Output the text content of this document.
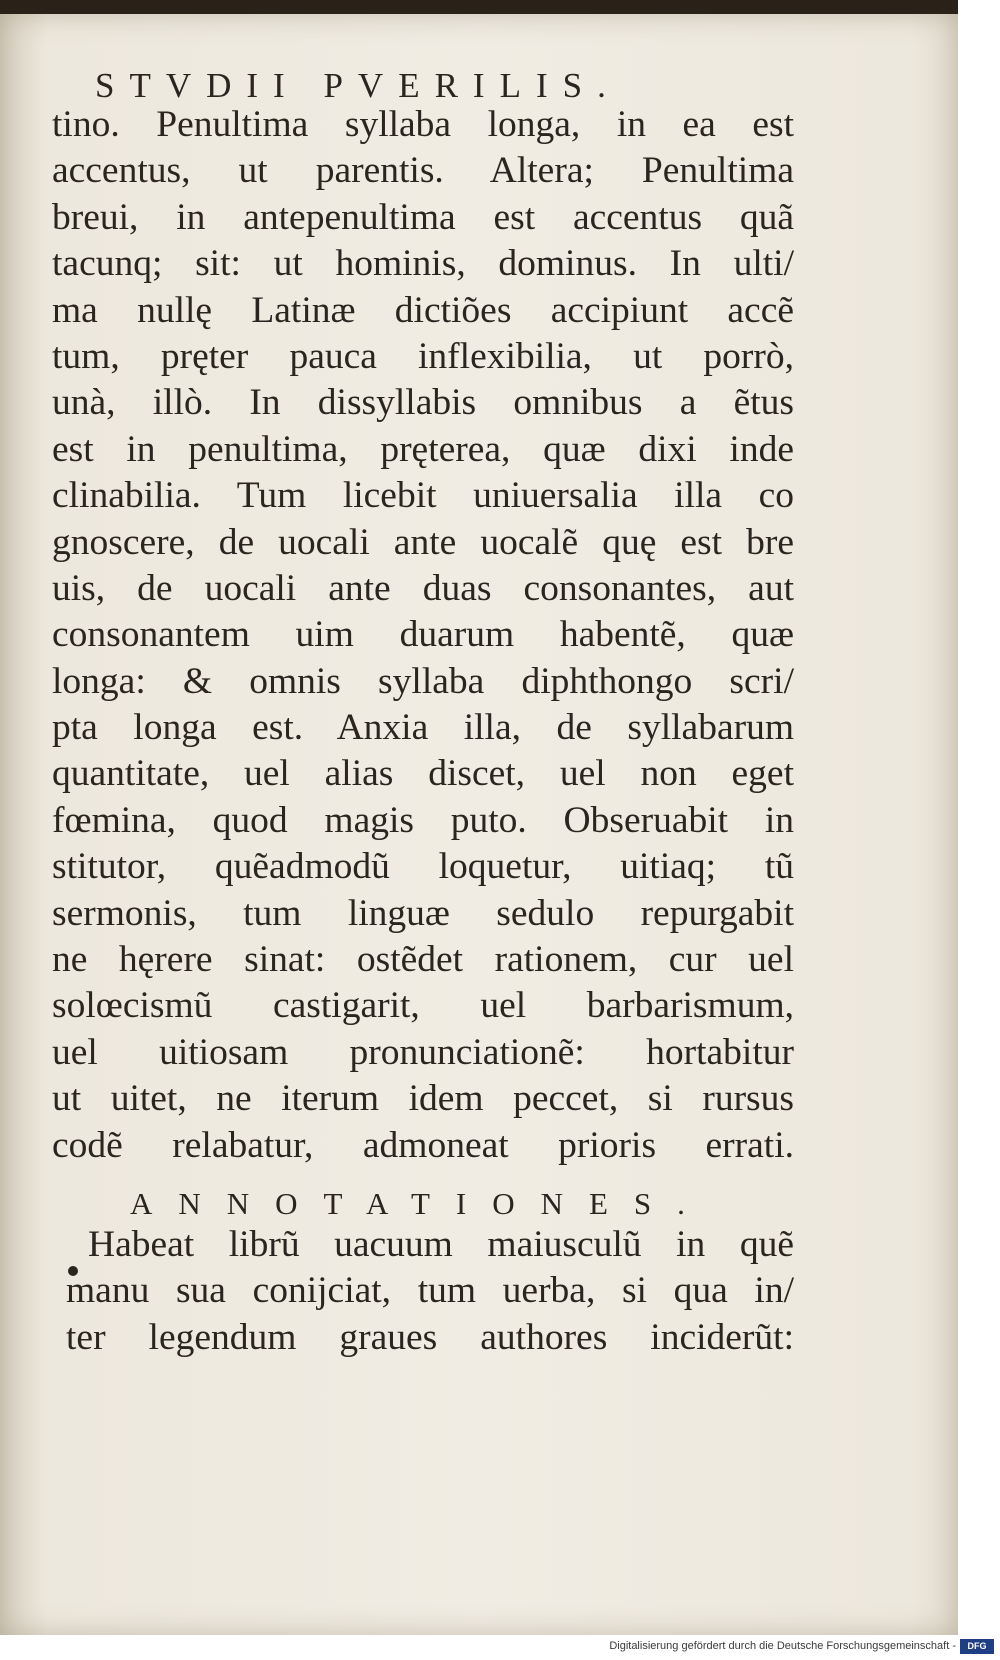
STVDII PVERILIS.
tino. Penultima syllaba longa, in ea est
accentus, ut parentis. Altera; Penultima
breui, in antepenultima est accentus quã
tacunq; sit: ut hominis, dominus. In ulti/
ma nullę Latinæ dictiões accipiunt accẽ
tum, pręter pauca inflexibilia, ut porrò,
unà, illò. In dissyllabis omnibus a ẽtus
est in penultima, pręterea, quæ dixi inde
clinabilia. Tum licebit uniuersalia illa co
gnoscere, de uocali ante uocalẽ quę est bre
uis, de uocali ante duas consonantes, aut
consonantem uim duarum habentẽ, quæ
longa: & omnis syllaba diphthongo scri/
pta longa est. Anxia illa, de syllabarum
quantitate, uel alias discet, uel non eget
fœmina, quod magis puto. Obseruabit in
stitutor, quẽadmodũ loquetur, uitiaq; tũ
sermonis, tum linguæ sedulo repurgabit
ne hęrere sinat: ostẽdet rationem, cur uel
solœcismũ castigarit, uel barbarismum,
uel uitiosam pronunciationẽ: hortabitur
ut uitet, ne iterum idem peccet, si rursus
codẽ relabatur, admoneat prioris errati.
ANNOTATIONES.
Habeat librũ uacuum maiusculũ in quẽ
manu sua conijciat, tum uerba, si qua in/
ter legendum graues authores inciderũt:
Digitalisierung gefördert durch die Deutsche Forschungsgemeinschaft -	DFG
